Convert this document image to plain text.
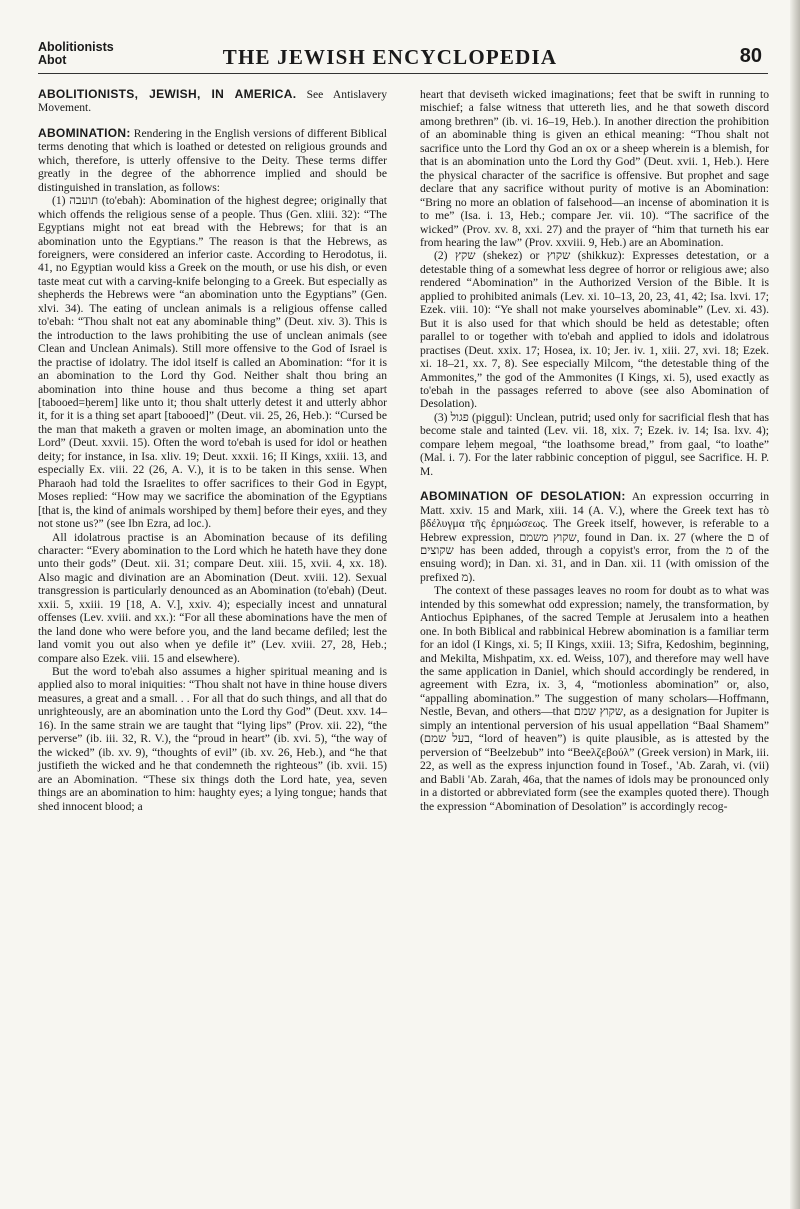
Abolitionists
Abot	THE JEWISH ENCYCLOPEDIA	80

ABOLITIONISTS, JEWISH, IN AMERICA. See Antislavery Movement.

ABOMINATION: Rendering in the English versions of different Biblical terms denoting that which is loathed or detested on religious grounds and which, therefore, is utterly offensive to the Deity. These terms differ greatly in the degree of the abhorrence implied and should be distinguished in translation, as follows:

(1) תועבה (to'ebah): Abomination of the highest degree; originally that which offends the religious sense of a people. Thus (Gen. xliii. 32): “The Egyptians might not eat bread with the Hebrews; for that is an abomination unto the Egyptians.” The reason is that the Hebrews, as foreigners, were considered an inferior caste. According to Herodotus, ii. 41, no Egyptian would kiss a Greek on the mouth, or use his dish, or even taste meat cut with a carving-knife belonging to a Greek. But especially as shepherds the Hebrews were “an abomination unto the Egyptians” (Gen. xlvi. 34). The eating of unclean animals is a religious offense called to'ebah: “Thou shalt not eat any abominable thing” (Deut. xiv. 3). This is the introduction to the laws prohibiting the use of unclean animals (see Clean and Unclean Animals). Still more offensive to the God of Israel is the practise of idolatry. The idol itself is called an Abomination: “for it is an abomination to the Lord thy God. Neither shalt thou bring an abomination into thine house and thus become a thing set apart [tabooed=ḥerem] like unto it; thou shalt utterly detest it and utterly abhor it, for it is a thing set apart [tabooed]” (Deut. vii. 25, 26, Heb.): “Cursed be the man that maketh a graven or molten image, an abomination unto the Lord” (Deut. xxvii. 15). Often the word to'ebah is used for idol or heathen deity; for instance, in Isa. xliv. 19; Deut. xxxii. 16; II Kings, xxiii. 13, and especially Ex. viii. 22 (26, A. V.), it is to be taken in this sense. When Pharaoh had told the Israelites to offer sacrifices to their God in Egypt, Moses replied: “How may we sacrifice the abomination of the Egyptians [that is, the kind of animals worshiped by them] before their eyes, and they not stone us?” (see Ibn Ezra, ad loc.).

All idolatrous practise is an Abomination because of its defiling character: “Every abomination to the Lord which he hateth have they done unto their gods” (Deut. xii. 31; compare Deut. xiii. 15, xvii. 4, xx. 18). Also magic and divination are an Abomination (Deut. xviii. 12). Sexual transgression is particularly denounced as an Abomination (to'ebah) (Deut. xxii. 5, xxiii. 19 [18, A. V.], xxiv. 4); especially incest and unnatural offenses (Lev. xviii. and xx.): “For all these abominations have the men of the land done who were before you, and the land became defiled; lest the land vomit you out also when ye defile it” (Lev. xviii. 27, 28, Heb.; compare also Ezek. viii. 15 and elsewhere).

But the word to'ebah also assumes a higher spiritual meaning and is applied also to moral iniquities: “Thou shalt not have in thine house divers measures, a great and a small. . . For all that do such things, and all that do unrighteously, are an abomination unto the Lord thy God” (Deut. xxv. 14–16). In the same strain we are taught that “lying lips” (Prov. xii. 22), “the perverse” (ib. iii. 32, R. V.), the “proud in heart” (ib. xvi. 5), “the way of the wicked” (ib. xv. 9), “thoughts of evil” (ib. xv. 26, Heb.), and “he that justifieth the wicked and he that condemneth the righteous” (ib. xvii. 15) are an Abomination. “These six things doth the Lord hate, yea, seven things are an abomination to him: haughty eyes; a lying tongue; hands that shed innocent blood; a

heart that deviseth wicked imaginations; feet that be swift in running to mischief; a false witness that uttereth lies, and he that soweth discord among brethren” (ib. vi. 16–19, Heb.). In another direction the prohibition of an abominable thing is given an ethical meaning: “Thou shalt not sacrifice unto the Lord thy God an ox or a sheep wherein is a blemish, for that is an abomination unto the Lord thy God” (Deut. xvii. 1, Heb.). Here the physical character of the sacrifice is offensive. But prophet and sage declare that any sacrifice without purity of motive is an Abomination: “Bring no more an oblation of falsehood—an incense of abomination it is to me” (Isa. i. 13, Heb.; compare Jer. vii. 10). “The sacrifice of the wicked” (Prov. xv. 8, xxi. 27) and the prayer of “him that turneth his ear from hearing the law” (Prov. xxviii. 9, Heb.) are an Abomination.

(2) שקץ (shekez) or שקוץ (shikkuz): Expresses detestation, or a detestable thing of a somewhat less degree of horror or religious awe; also rendered “Abomination” in the Authorized Version of the Bible. It is applied to prohibited animals (Lev. xi. 10–13, 20, 23, 41, 42; Isa. lxvi. 17; Ezek. viii. 10): “Ye shall not make yourselves abominable” (Lev. xi. 43). But it is also used for that which should be held as detestable; often parallel to or together with to'ebah and applied to idols and idolatrous practises (Deut. xxix. 17; Hosea, ix. 10; Jer. iv. 1, xiii. 27, xvi. 18; Ezek. xi. 18–21, xx. 7, 8). See especially Milcom, “the detestable thing of the Ammonites,” the god of the Ammonites (I Kings, xi. 5), used exactly as to'ebah in the passages referred to above (see also Abomination of Desolation).

(3) פגול (piggul): Unclean, putrid; used only for sacrificial flesh that has become stale and tainted (Lev. vii. 18, xix. 7; Ezek. iv. 14; Isa. lxv. 4); compare leḥem megoal, “the loathsome bread,” from gaal, “to loathe” (Mal. i. 7). For the later rabbinic conception of piggul, see Sacrifice. H. P. M.

ABOMINATION OF DESOLATION: An expression occurring in Matt. xxiv. 15 and Mark, xiii. 14 (A. V.), where the Greek text has τὸ βδέλυγμα τῆς ἐρημώσεως. The Greek itself, however, is referable to a Hebrew expression, שקוץ משמם, found in Dan. ix. 27 (where the ם of שקוצים has been added, through a copyist's error, from the מ of the ensuing word); in Dan. xi. 31, and in Dan. xii. 11 (with omission of the prefixed מ).

The context of these passages leaves no room for doubt as to what was intended by this somewhat odd expression; namely, the transformation, by Antiochus Epiphanes, of the sacred Temple at Jerusalem into a heathen one. In both Biblical and rabbinical Hebrew abomination is a familiar term for an idol (I Kings, xi. 5; II Kings, xxiii. 13; Sifra, Ḳedoshim, beginning, and Mekilta, Mishpatim, xx. ed. Weiss, 107), and therefore may well have the same application in Daniel, which should accordingly be rendered, in agreement with Ezra, ix. 3, 4, “motionless abomination” or, also, “appalling abomination.” The suggestion of many scholars—Hoffmann, Nestle, Bevan, and others—that שקוץ שמם, as a designation for Jupiter is simply an intentional perversion of his usual appellation “Baal Shamem” (בעל שמם, “lord of heaven”) is quite plausible, as is attested by the perversion of “Beelzebub” into “Beeλζεβούλ” (Greek version) in Mark, iii. 22, as well as the express injunction found in Tosef., 'Ab. Zarah, vi. (vii) and Babli 'Ab. Zarah, 46a, that the names of idols may be pronounced only in a distorted or abbreviated form (see the examples quoted there). Though the expression “Abomination of Desolation” is accordingly recog-
